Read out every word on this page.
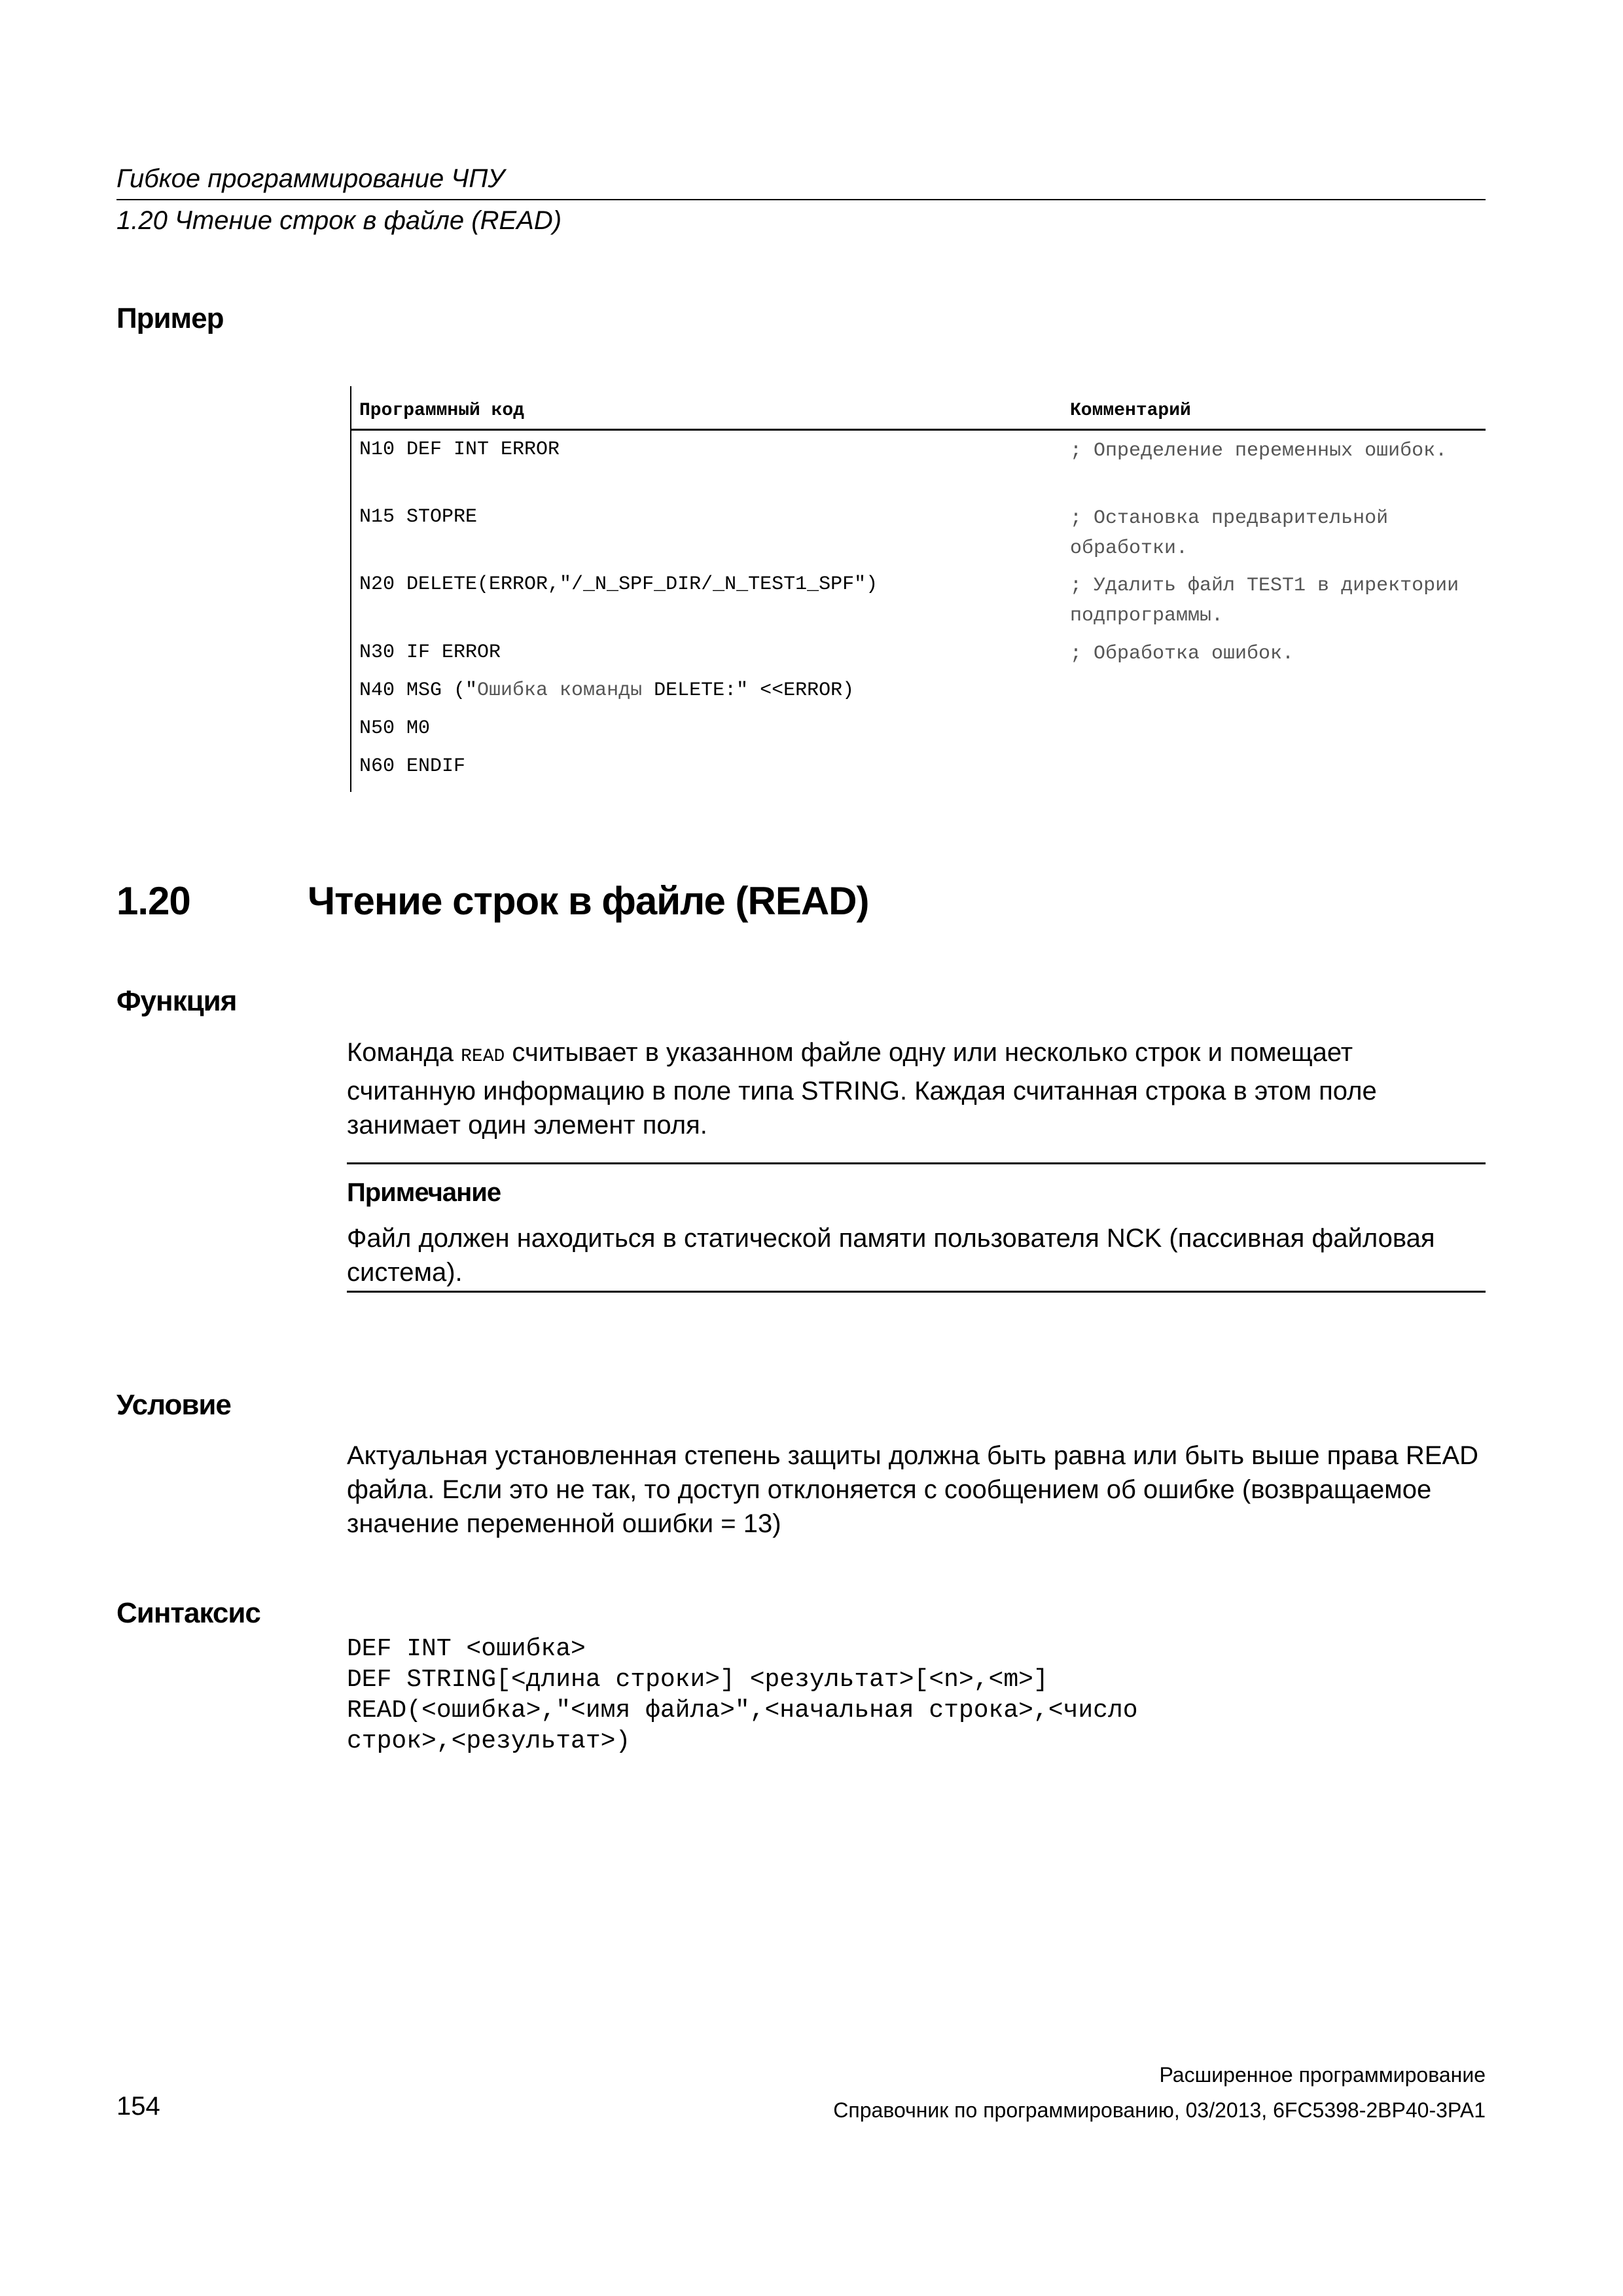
Гибкое программирование ЧПУ
1.20 Чтение строк в файле (READ)
Пример
Программный код	Комментарий
N10 DEF INT ERROR	; Определение переменных ошибок.
N15 STOPRE	; Остановка предварительной обработки.
N20 DELETE(ERROR,"/_N_SPF_DIR/_N_TEST1_SPF")	; Удалить файл TEST1 в директории подпрограммы.
N30 IF ERROR	; Обработка ошибок.
N40 MSG ("Ошибка команды DELETE:" <<ERROR)
N50 M0
N60 ENDIF
1.20	Чтение строк в файле (READ)
Функция
Команда READ считывает в указанном файле одну или несколько строк и помещает считанную информацию в поле типа STRING. Каждая считанная строка в этом поле занимает один элемент поля.
Примечание
Файл должен находиться в статической памяти пользователя NCK (пассивная файловая система).
Условие
Актуальная установленная степень защиты должна быть равна или быть выше права READ файла. Если это не так, то доступ отклоняется с сообщением об ошибке (возвращаемое значение переменной ошибки = 13)
Синтаксис
DEF INT <ошибка>
DEF STRING[<длина строки>] <результат>[<n>,<m>]
READ(<ошибка>,"<имя файла>",<начальная строка>,<число
строк>,<результат>)
Расширенное программирование
154	Справочник по программированию, 03/2013, 6FC5398-2BP40-3PA1
